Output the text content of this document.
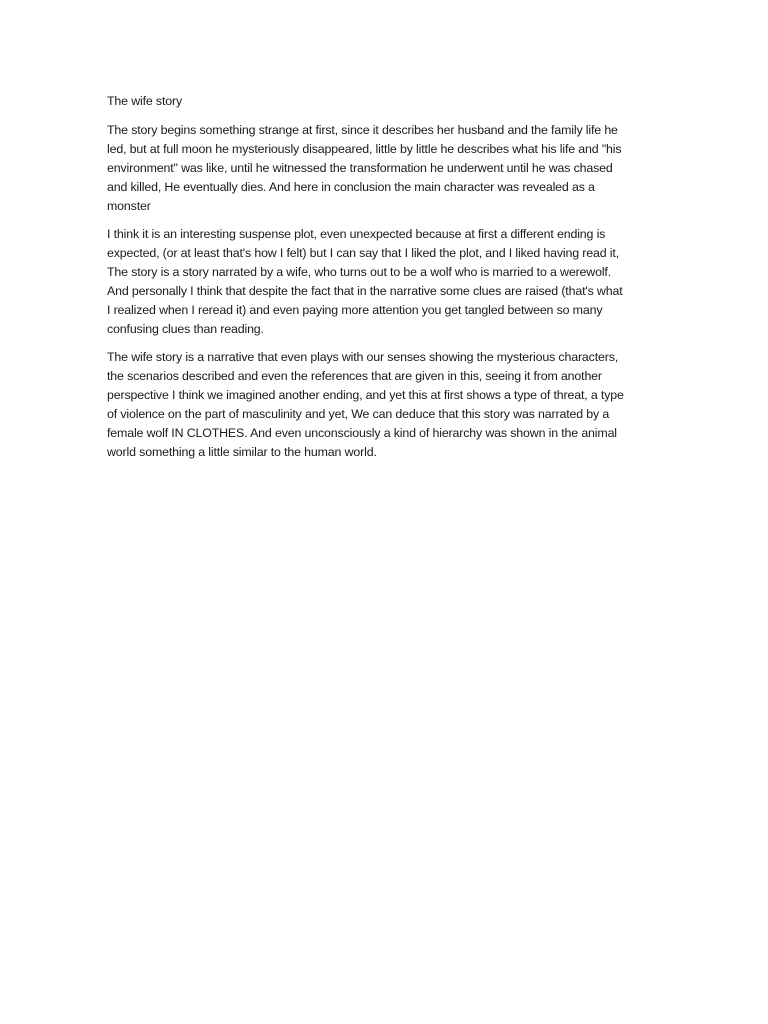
The wife story
The story begins something strange at first, since it describes her husband and the family life he
led, but at full moon he mysteriously disappeared, little by little he describes what his life and "his
environment" was like, until he witnessed the transformation he underwent until he was chased
and killed, He eventually dies. And here in conclusion the main character was revealed as a
monster
I think it is an interesting suspense plot, even unexpected because at first a different ending is
expected, (or at least that's how I felt) but I can say that I liked the plot, and I liked having read it,
The story is a story narrated by a wife, who turns out to be a wolf who is married to a werewolf.
And personally I think that despite the fact that in the narrative some clues are raised (that's what
I realized when I reread it) and even paying more attention you get tangled between so many
confusing clues than reading.
The wife story is a narrative that even plays with our senses showing the mysterious characters,
the scenarios described and even the references that are given in this, seeing it from another
perspective I think we imagined another ending, and yet this at first shows a type of threat, a type
of violence on the part of masculinity and yet, We can deduce that this story was narrated by a
female wolf IN CLOTHES. And even unconsciously a kind of hierarchy was shown in the animal
world something a little similar to the human world.
